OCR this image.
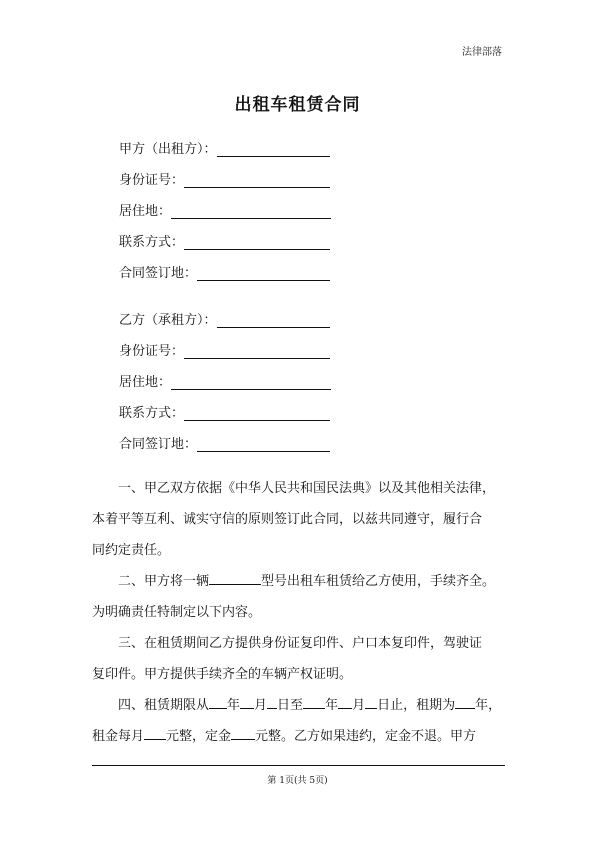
法律部落
出租车租赁合同
甲方（出租方）：
身份证号：
居住地：
联系方式：
合同签订地：
乙方（承租方）：
身份证号：
居住地：
联系方式：
合同签订地：

一、甲乙双方依据《中华人民共和国民法典》以及其他相关法律，

本着平等互利、诚实守信的原则签订此合同，以兹共同遵守，履行合

同约定责任。

二、甲方将一辆	型号出租车租赁给乙方使用，手续齐全。

为明确责任特制定以下内容。

三、在租赁期间乙方提供身份证复印件、户口本复印件，驾驶证

复印件。甲方提供手续齐全的车辆产权证明。

四、租赁期限从 年 月 日至 年 月 日止，租期为 年，

租金每月 元整，定金 元整。乙方如果违约，定金不退。甲方

第 1页(共 5页)
